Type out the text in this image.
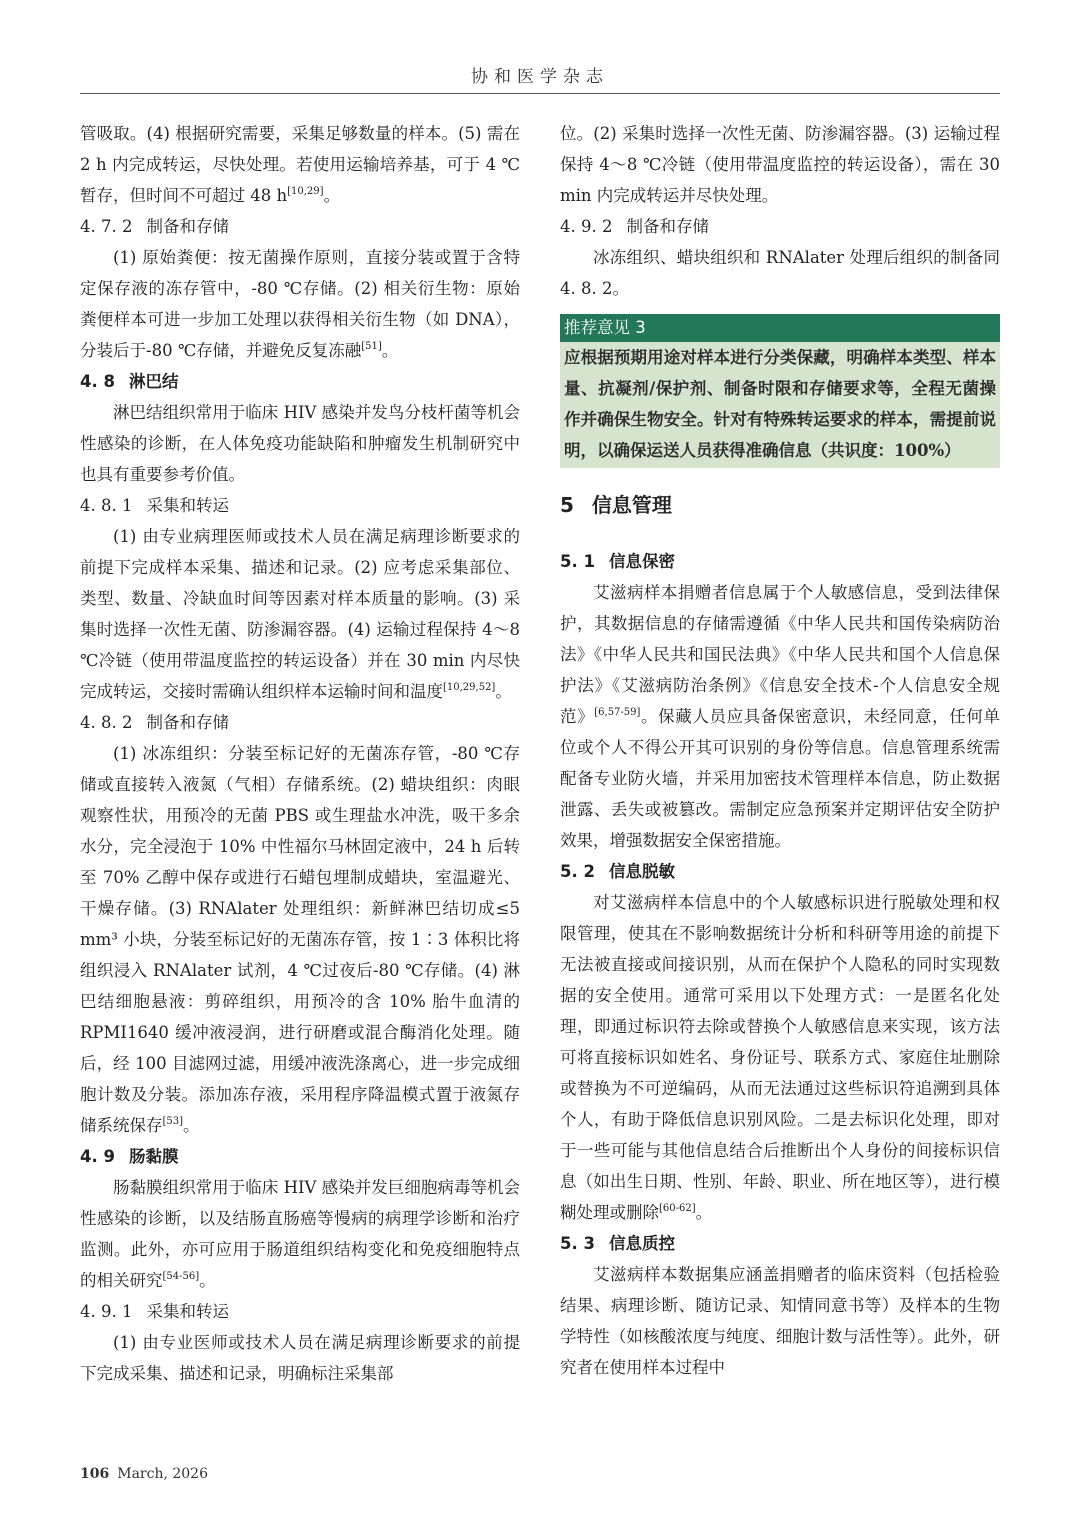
协和医学杂志

管吸取。(4) 根据研究需要，采集足够数量的样本。(5) 需在 2 h 内完成转运，尽快处理。若使用运输培养基，可于 4 ℃暂存，但时间不可超过 48 h[10,29]。

4. 7. 2 制备和存储

(1) 原始粪便：按无菌操作原则，直接分装或置于含特定保存液的冻存管中，-80 ℃存储。(2) 相关衍生物：原始粪便样本可进一步加工处理以获得相关衍生物（如 DNA），分装后于-80 ℃存储，并避免反复冻融[51]。

4. 8 淋巴结

淋巴结组织常用于临床 HIV 感染并发鸟分枝杆菌等机会性感染的诊断，在人体免疫功能缺陷和肿瘤发生机制研究中也具有重要参考价值。

4. 8. 1 采集和转运

(1) 由专业病理医师或技术人员在满足病理诊断要求的前提下完成样本采集、描述和记录。(2) 应考虑采集部位、类型、数量、冷缺血时间等因素对样本质量的影响。(3) 采集时选择一次性无菌、防渗漏容器。(4) 运输过程保持 4～8 ℃冷链（使用带温度监控的转运设备）并在 30 min 内尽快完成转运，交接时需确认组织样本运输时间和温度[10,29,52]。

4. 8. 2 制备和存储

(1) 冰冻组织：分装至标记好的无菌冻存管，-80 ℃存储或直接转入液氮（气相）存储系统。(2) 蜡块组织：肉眼观察性状，用预冷的无菌 PBS 或生理盐水冲洗，吸干多余水分，完全浸泡于 10% 中性福尔马林固定液中，24 h 后转至 70% 乙醇中保存或进行石蜡包埋制成蜡块，室温避光、干燥存储。(3) RNAlater 处理组织：新鲜淋巴结切成≤5 mm³ 小块，分装至标记好的无菌冻存管，按 1∶3 体积比将组织浸入 RNAlater 试剂，4 ℃过夜后-80 ℃存储。(4) 淋巴结细胞悬液：剪碎组织，用预冷的含 10% 胎牛血清的 RPMI1640 缓冲液浸润，进行研磨或混合酶消化处理。随后，经 100 目滤网过滤，用缓冲液洗涤离心，进一步完成细胞计数及分装。添加冻存液，采用程序降温模式置于液氮存储系统保存[53]。

4. 9 肠黏膜

肠黏膜组织常用于临床 HIV 感染并发巨细胞病毒等机会性感染的诊断，以及结肠直肠癌等慢病的病理学诊断和治疗监测。此外，亦可应用于肠道组织结构变化和免疫细胞特点的相关研究[54-56]。

4. 9. 1 采集和转运

(1) 由专业医师或技术人员在满足病理诊断要求的前提下完成采集、描述和记录，明确标注采集部

位。(2) 采集时选择一次性无菌、防渗漏容器。(3) 运输过程保持 4～8 ℃冷链（使用带温度监控的转运设备），需在 30 min 内完成转运并尽快处理。

4. 9. 2 制备和存储

冰冻组织、蜡块组织和 RNAlater 处理后组织的制备同 4. 8. 2。

推荐意见 3
应根据预期用途对样本进行分类保藏，明确样本类型、样本量、抗凝剂/保护剂、制备时限和存储要求等，全程无菌操作并确保生物安全。针对有特殊转运要求的样本，需提前说明，以确保运送人员获得准确信息（共识度：100%）
5 信息管理
5. 1 信息保密

艾滋病样本捐赠者信息属于个人敏感信息，受到法律保护，其数据信息的存储需遵循《中华人民共和国传染病防治法》《中华人民共和国民法典》《中华人民共和国个人信息保护法》《艾滋病防治条例》《信息安全技术-个人信息安全规范》[6,57-59]。保藏人员应具备保密意识，未经同意，任何单位或个人不得公开其可识别的身份等信息。信息管理系统需配备专业防火墙，并采用加密技术管理样本信息，防止数据泄露、丢失或被篡改。需制定应急预案并定期评估安全防护效果，增强数据安全保密措施。

5. 2 信息脱敏

对艾滋病样本信息中的个人敏感标识进行脱敏处理和权限管理，使其在不影响数据统计分析和科研等用途的前提下无法被直接或间接识别，从而在保护个人隐私的同时实现数据的安全使用。通常可采用以下处理方式：一是匿名化处理，即通过标识符去除或替换个人敏感信息来实现，该方法可将直接标识如姓名、身份证号、联系方式、家庭住址删除或替换为不可逆编码，从而无法通过这些标识符追溯到具体个人，有助于降低信息识别风险。二是去标识化处理，即对于一些可能与其他信息结合后推断出个人身份的间接标识信息（如出生日期、性别、年龄、职业、所在地区等），进行模糊处理或删除[60-62]。

5. 3 信息质控

艾滋病样本数据集应涵盖捐赠者的临床资料（包括检验结果、病理诊断、随访记录、知情同意书等）及样本的生物学特性（如核酸浓度与纯度、细胞计数与活性等）。此外，研究者在使用样本过程中

106 March, 2026
